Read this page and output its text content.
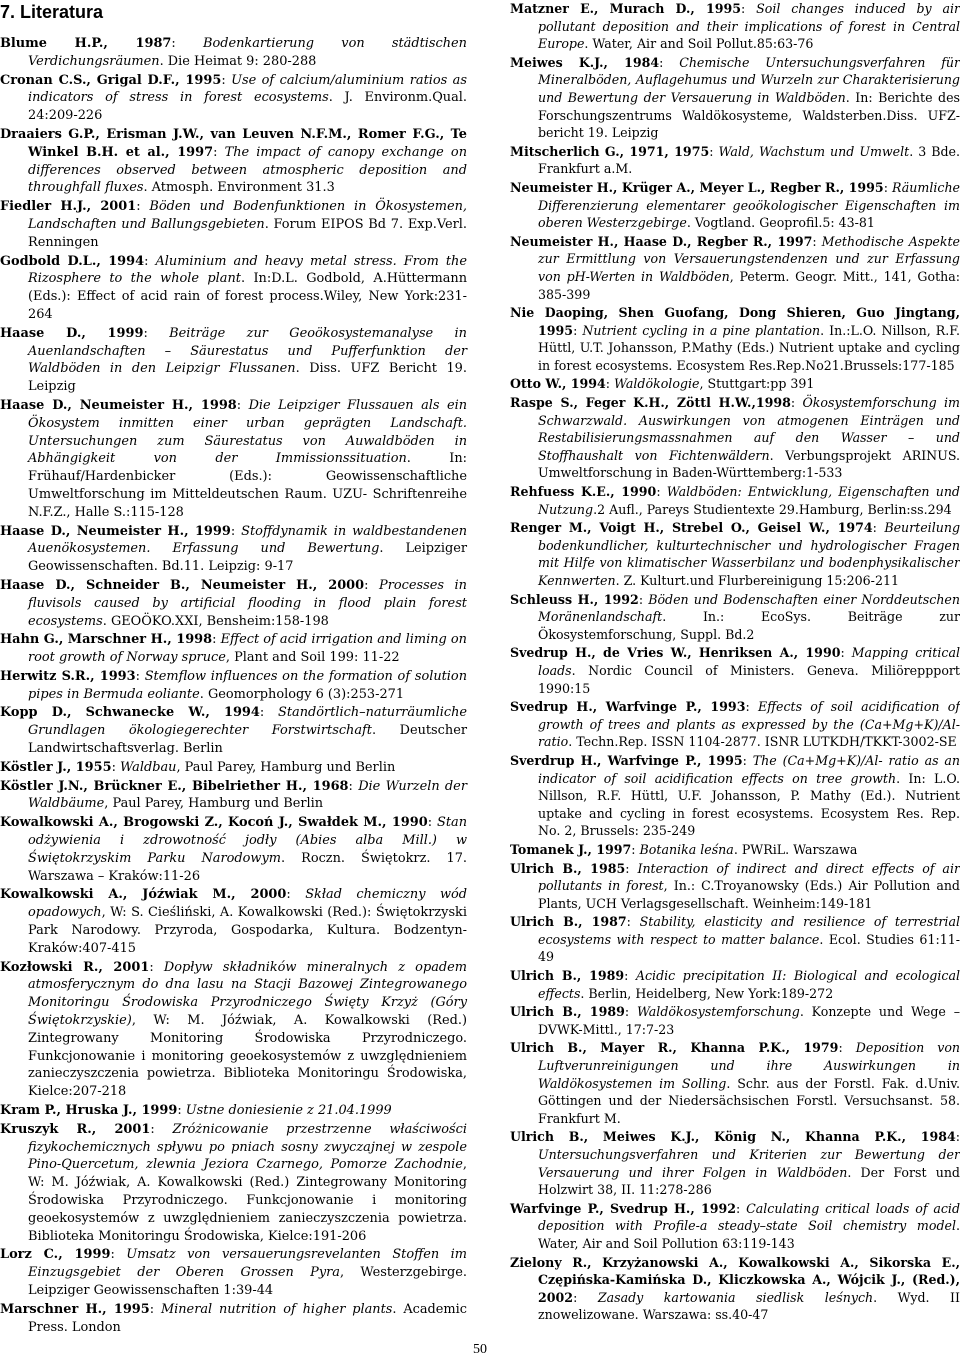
7. Literatura

Blume H.P., 1987: Bodenkartierung von städtischen Verdichungsräumen. Die Heimat 9: 280-288

Cronan C.S., Grigal D.F., 1995: Use of calcium/aluminium ratios as indicators of stress in forest ecosystems. J. Environm.Qual. 24:209-226

Draaiers G.P., Erisman J.W., van Leuven N.F.M., Romer F.G., Te Winkel B.H. et al., 1997: The impact of canopy exchange on differences observed between atmospheric deposition and throughfall fluxes. Atmosph. Environment 31.3

Fiedler H.J., 2001: Böden und Bodenfunktionen in Ökosystemen, Landschaften und Ballungsgebieten. Forum EIPOS Bd 7. Exp.Verl. Renningen

Godbold D.L., 1994: Aluminium and heavy metal stress. From the Rizosphere to the whole plant. In:D.L. Godbold, A.Hüttermann (Eds.): Effect of acid rain of forest process.Wiley, New York:231-264

Haase D., 1999: Beiträge zur Geoökosystemanalyse in Auenlandschaften – Säurestatus und Pufferfunktion der Waldböden in den Leipzigr Flussanen. Diss. UFZ Bericht 19. Leipzig

Haase D., Neumeister H., 1998: Die Leipziger Flussauen als ein Ökosystem inmitten einer urban geprägten Landschaft. Untersuchungen zum Säurestatus von Auwaldböden in Abhängigkeit von der Immissionssituation. In: Frühauf/Hardenbicker (Eds.): Geowissenschaftliche Umweltforschung im Mitteldeutschen Raum. UZU- Schriftenreihe N.F.Z., Halle S.:115-128

Haase D., Neumeister H., 1999: Stoffdynamik in waldbestandenen Auenökosystemen. Erfassung und Bewertung. Leipziger Geowissenschaften. Bd.11. Leipzig: 9-17

Haase D., Schneider B., Neumeister H., 2000: Processes in fluvisols caused by artificial flooding in flood plain forest ecosystems. GEOÖKO.XXI, Bensheim:158-198

Hahn G., Marschner H., 1998: Effect of acid irrigation and liming on root growth of Norway spruce, Plant and Soil 199: 11-22

Herwitz S.R., 1993: Stemflow influences on the formation of solution pipes in Bermuda eoliante. Geomorphology 6 (3):253-271

Kopp D., Schwanecke W., 1994: Standörtlich–naturräumliche Grundlagen ökologiegerechter Forstwirtschaft. Deutscher Landwirtschaftsverlag. Berlin

Köstler J., 1955: Waldbau, Paul Parey, Hamburg und Berlin

Köstler J.N., Brückner E., Bibelriether H., 1968: Die Wurzeln der Waldbäume, Paul Parey, Hamburg und Berlin

Kowalkowski A., Brogowski Z., Kocoń J., Swałdek M., 1990: Stan odżywienia i zdrowotność jodły (Abies alba Mill.) w Świętokrzyskim Parku Narodowym. Roczn. Świętokrz. 17. Warszawa – Kraków:11-26

Kowalkowski A., Jóźwiak M., 2000: Skład chemiczny wód opadowych, W: S. Cieśliński, A. Kowalkowski (Red.): Świętokrzyski Park Narodowy. Przyroda, Gospodarka, Kultura. Bodzentyn-Kraków:407-415

Kozłowski R., 2001: Dopływ składników mineralnych z opadem atmosferycznym do dna lasu na Stacji Bazowej Zintegrowanego Monitoringu Środowiska Przyrodniczego Święty Krzyż (Góry Świętokrzyskie), W: M. Jóźwiak, A. Kowalkowski (Red.) Zintegrowany Monitoring Środowiska Przyrodniczego. Funkcjonowanie i monitoring geoekosystemów z uwzględnieniem zanieczyszczenia powietrza. Biblioteka Monitoringu Środowiska, Kielce:207-218

Kram P., Hruska J., 1999: Ustne doniesienie z 21.04.1999

Kruszyk R., 2001: Zróżnicowanie przestrzenne właściwości fizykochemicznych spływu po pniach sosny zwyczajnej w zespole Pino-Quercetum, zlewnia Jeziora Czarnego, Pomorze Zachodnie, W: M. Jóźwiak, A. Kowalkowski (Red.) Zintegrowany Monitoring Środowiska Przyrodniczego. Funkcjonowanie i monitoring geoekosystemów z uwzględnieniem zanieczyszczenia powietrza. Biblioteka Monitoringu Środowiska, Kielce:191-206

Lorz C., 1999: Umsatz von versauerungsrevelanten Stoffen im Einzugsgebiet der Oberen Grossen Pyra, Westerzgebirge. Leipziger Geowissenschaften 1:39-44

Marschner H., 1995: Mineral nutrition of higher plants. Academic Press. London

Matzner E., Murach D., 1995: Soil changes induced by air pollutant deposition and their implications of forest in Central Europe. Water, Air and Soil Pollut.85:63-76

Meiwes K.J., 1984: Chemische Untersuchungsverfahren für Mineralböden, Auflagehumus und Wurzeln zur Charakterisierung und Bewertung der Versauerung in Waldböden. In: Berichte des Forschungszentrums Waldökosysteme, Waldsterben.Diss. UFZ-bericht 19. Leipzig

Mitscherlich G., 1971, 1975: Wald, Wachstum und Umwelt. 3 Bde. Frankfurt a.M.

Neumeister H., Krüger A., Meyer L., Regber R., 1995: Räumliche Differenzierung elementarer geoökologischer Eigenschaften im oberen Westerzgebirge. Vogtland. Geoprofil.5: 43-81

Neumeister H., Haase D., Regber R., 1997: Methodische Aspekte zur Ermittlung von Versauerungstendenzen und zur Erfassung von pH-Werten in Waldböden, Peterm. Geogr. Mitt., 141, Gotha: 385-399

Nie Daoping, Shen Guofang, Dong Shieren, Guo Jingtang, 1995: Nutrient cycling in a pine plantation. In.:L.O. Nillson, R.F. Hüttl, U.T. Johansson, P.Mathy (Eds.) Nutrient uptake and cycling in forest ecosystems. Ecosystem Res.Rep.No21.Brussels:177-185

Otto W., 1994: Waldökologie, Stuttgart:pp 391

Raspe S., Feger K.H., Zöttl H.W.,1998: Ökosystemforschung im Schwarzwald. Auswirkungen von atmogenen Einträgen und Restabilisierungsmassnahmen auf den Wasser – und Stoffhaushalt von Fichtenwäldern. Verbungsprojekt ARINUS. Umweltforschung in Baden-Württemberg:1-533

Rehfuess K.E., 1990: Waldböden: Entwicklung, Eigenschaften und Nutzung.2 Aufl., Pareys Studientexte 29.Hamburg, Berlin:ss.294

Renger M., Voigt H., Strebel O., Geisel W., 1974: Beurteilung bodenkundlicher, kulturtechnischer und hydrologischer Fragen mit Hilfe von klimatischer Wasserbilanz und bodenphysikalischer Kennwerten. Z. Kulturt.und Flurbereinigung 15:206-211

Schleuss H., 1992: Böden und Bodenschaften einer Norddeutschen Moränenlandschaft. In.: EcoSys. Beiträge zur Ökosystemforschung, Suppl. Bd.2

Svedrup H., de Vries W., Henriksen A., 1990: Mapping critical loads. Nordic Council of Ministers. Geneva. Miliöreppport 1990:15

Svedrup H., Warfvinge P., 1993: Effects of soil acidification of growth of trees and plants as expressed by the (Ca+Mg+K)/Al-ratio. Techn.Rep. ISSN 1104-2877. ISNR LUTKDH/TKKT-3002-SE

Sverdrup H., Warfvinge P., 1995: The (Ca+Mg+K)/Al- ratio as an indicator of soil acidification effects on tree growth. In: L.O. Nillson, R.F. Hüttl, U.F. Johansson, P. Mathy (Ed.). Nutrient uptake and cycling in forest ecosystems. Ecosystem Res. Rep. No. 2, Brussels: 235-249

Tomanek J., 1997: Botanika leśna. PWRiL. Warszawa

Ulrich B., 1985: Interaction of indirect and direct effects of air pollutants in forest, In.: C.Troyanowsky (Eds.) Air Pollution and Plants, UCH Verlagsgesellschaft. Weinheim:149-181

Ulrich B., 1987: Stability, elasticity and resilience of terrestrial ecosystems with respect to matter balance. Ecol. Studies 61:11-49

Ulrich B., 1989: Acidic precipitation II: Biological and ecological effects. Berlin, Heidelberg, New York:189-272

Ulrich B., 1989: Waldökosystemforschung. Konzepte und Wege – DVWK-Mittl., 17:7-23

Ulrich B., Mayer R., Khanna P.K., 1979: Deposition von Luftverunreinigungen und ihre Auswirkungen in Waldökosystemen im Solling. Schr. aus der Forstl. Fak. d.Univ. Göttingen und der Niedersächsischen Forstl. Versuchsanst. 58. Frankfurt M.

Ulrich B., Meiwes K.J., König N., Khanna P.K., 1984: Untersuchungsverfahren und Kriterien zur Bewertung der Versauerung und ihrer Folgen in Waldböden. Der Forst und Holzwirt 38, II. 11:278-286

Warfvinge P., Svedrup H., 1992: Calculating critical loads of acid deposition with Profile-a steady–state Soil chemistry model. Water, Air and Soil Pollution 63:119-143

Zielony R., Krzyżanowski A., Kowalkowski A., Sikorska E., Czępińska-Kamińska D., Kliczkowska A., Wójcik J., (Red.), 2002: Zasady kartowania siedlisk leśnych. Wyd. II znowelizowane. Warszawa: ss.40-47

50
